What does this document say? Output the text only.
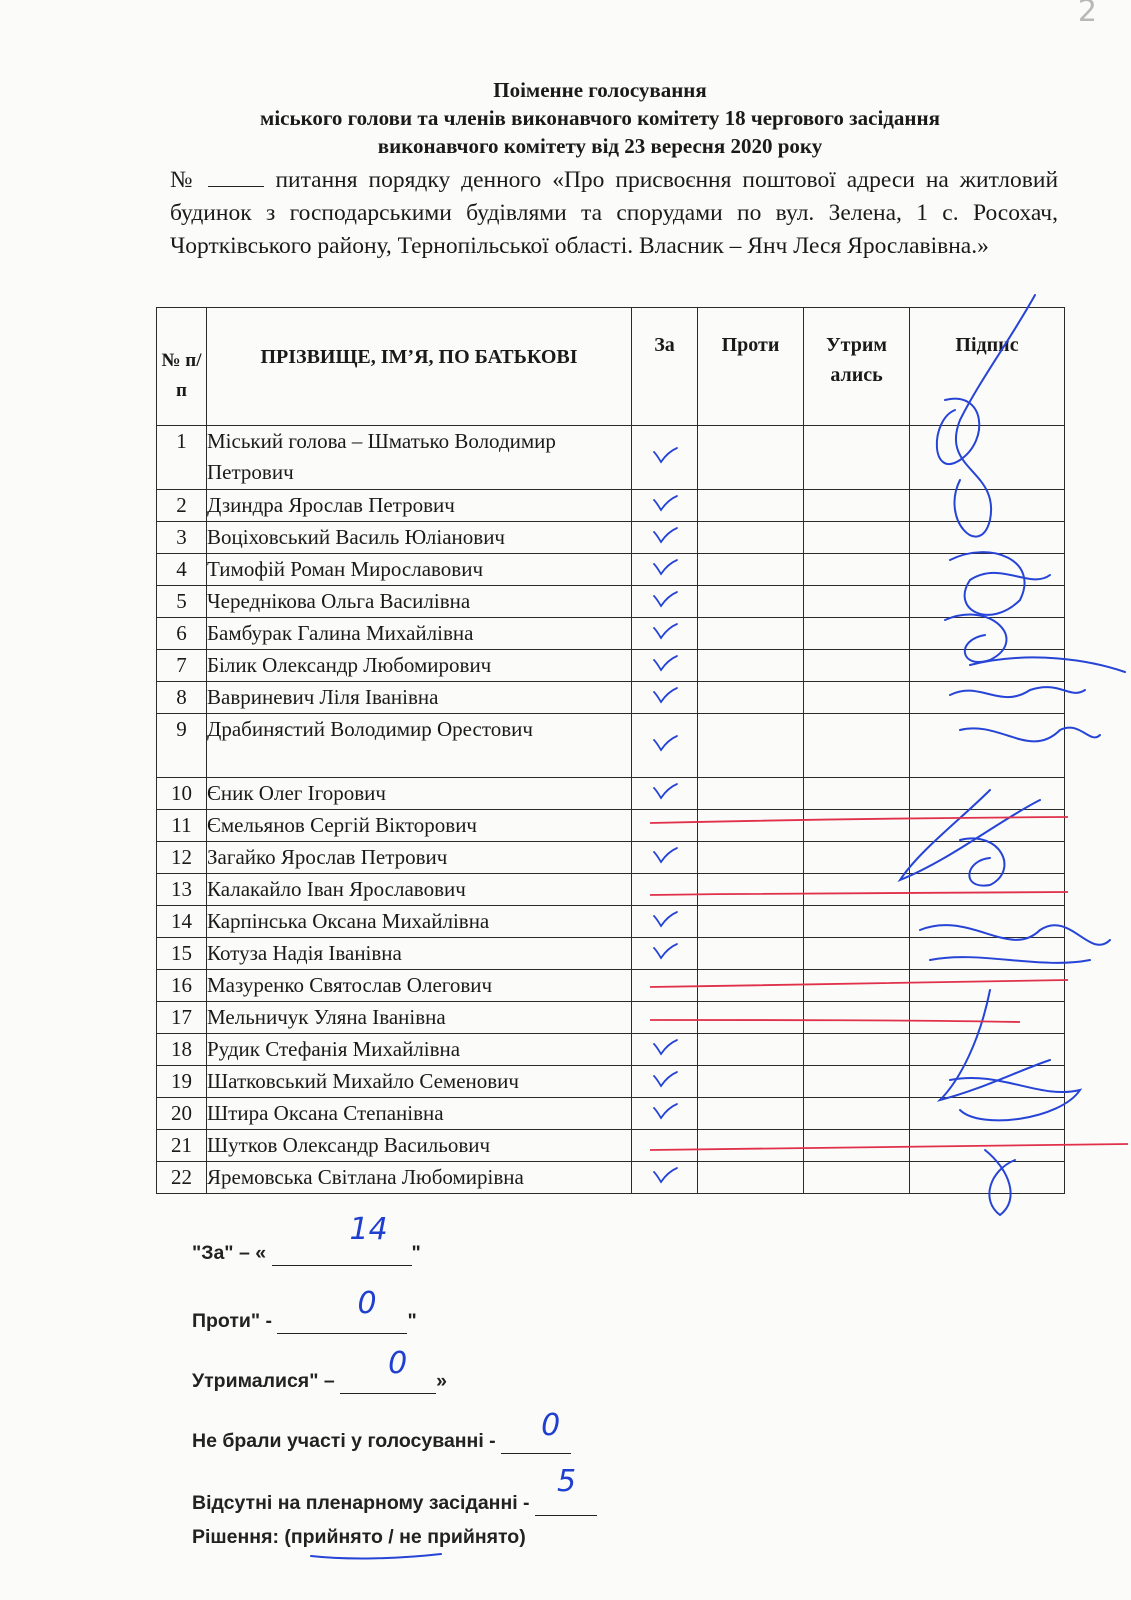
2
Поіменне голосування
міського голови та членів виконавчого комітету 18 чергового засідання
виконавчого комітету від 23 вересня 2020 року
№	питання порядку денного «Про присвоєння поштової адреси на житловий будинок з господарськими будівлями та спорудами по вул. Зелена, 1 с. Росохач, Чортківського району, Тернопільської області. Власник – Янч Леся Ярославівна.»
№ п/п	ПРІЗВИЩЕ, ІМ’Я, ПО БАТЬКОВІ	За	Проти	Утрим ались	Підпис
1	Міський голова – Шматько Володимир Петрович				
2	Дзиндра Ярослав Петрович				
3	Воціховський Василь Юліанович				
4	Тимофій Роман Мирославович				
5	Череднікова Ольга Василівна				
6	Бамбурак Галина Михайлівна				
7	Білик Олександр Любомирович				
8	Вавриневич Ліля Іванівна				
9	Драбинястий Володимир Орестович				
10	Єник Олег Ігорович				
11	Ємельянов Сергій Вікторович				
12	Загайко Ярослав Петрович				
13	Калакайло Іван Ярославович				
14	Карпінська Оксана Михайлівна				
15	Котуза Надія Іванівна				
16	Мазуренко Святослав Олегович				
17	Мельничук Уляна Іванівна				
18	Рудик Стефанія Михайлівна				
19	Шатковський Михайло Семенович				
20	Штира Оксана Степанівна				
21	Шутков Олександр Васильович				
22	Яремовська Світлана Любомирівна				
"За" – «
14
"
Проти" -	0 "
Утрималися" – 0 »
Не брали участі у голосуванні - 0

Відсутні на пленарному засіданні -
5

Рішення: (прийнято / не прийнято)
